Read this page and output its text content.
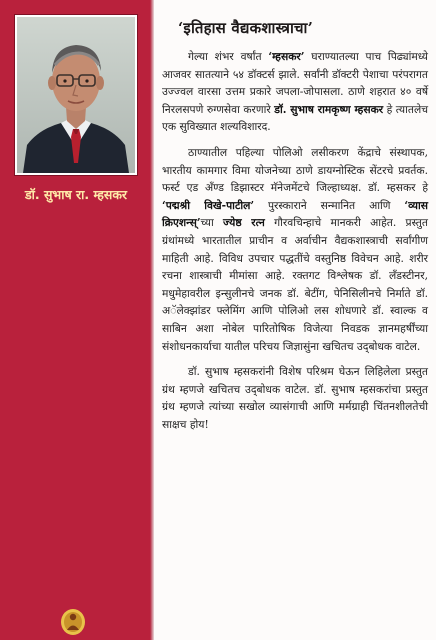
डॉ. सुभाष रा. म्हसकर
‘इतिहास वैद्यकशास्त्राचा’

गेल्या शंभर वर्षांत ‘म्हसकर’ घराण्यातल्या पाच पिढ्यांमध्ये आजवर सातत्याने ५४ डॉक्टर्स झाले. सर्वांनी डॉक्टरी पेशाचा परंपरागत उज्ज्वल वारसा उत्तम प्रकारे जपला-जोपासला. ठाणे शहरात ४० वर्षे निरलसपणे रुग्णसेवा करणारे डॉ. सुभाष रामकृष्ण म्हसकर हे त्यातलेच एक सुविख्यात शल्यविशारद.

ठाण्यातील पहिल्या पोलिओ लसीकरण केंद्राचे संस्थापक, भारतीय कामगार विमा योजनेच्या ठाणे डायग्नोस्टिक सेंटरचे प्रवर्तक. फर्स्ट एड अँण्ड डिझास्टर मॅनेजमेंटचे जिल्हाध्यक्ष. डॉ. म्हसकर हे ‘पद्मश्री विखे-पाटील’ पुरस्काराने सन्मानित आणि ‘व्यास क्रिएशन्स्’च्या ज्येष्ठ रत्न गौरवचिन्हाचे मानकरी आहेत. प्रस्तुत ग्रंथांमध्ये भारतातील प्राचीन व अर्वाचीन वैद्यकशास्त्राची सर्वांगीण माहिती आहे. विविध उपचार पद्धतींचे वस्तुनिष्ठ विवेचन आहे. शरीर रचना शास्त्राची मीमांसा आहे. रक्तगट विश्लेषक डॉ. लँडस्टीनर, मधुमेहावरील इन्सुलीनचे जनक डॉ. बेटींग, पेनिसिलीनचे निर्माते डॉ. अॅलेक्झांडर फ्लेमिंग आणि पोलिओ लस शोधणारे डॉ. स्वाल्क व साबिन अशा नोबेल पारितोषिक विजेत्या निवडक ज्ञानमहर्षींच्या संशोधनकार्याचा यातील परिचय जिज्ञासुंना खचितच उद्‌बोधक वाटेल.

डॉ. सुभाष म्हसकरांनी विशेष परिश्रम घेऊन लिहिलेला प्रस्तुत ग्रंथ म्हणजे खचितच उद्‌बोधक वाटेल. डॉ. सुभाष म्हसकरांचा प्रस्तुत ग्रंथ म्हणजे त्यांच्या सखोल व्यासंगाची आणि मर्मग्राही चिंतनशीलतेची साक्षच होय!
